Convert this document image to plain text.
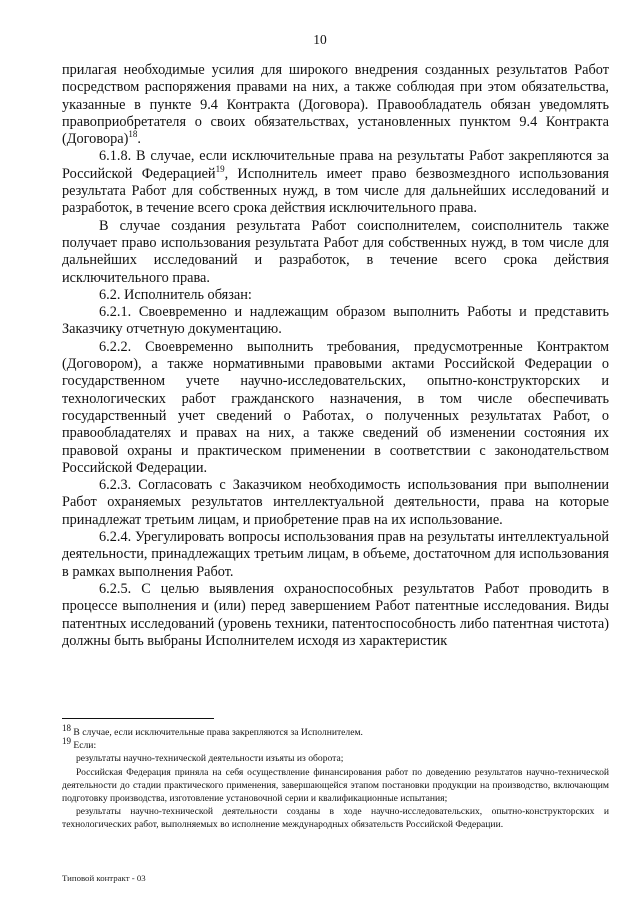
10

прилагая необходимые усилия для широкого внедрения созданных результатов Работ посредством распоряжения правами на них, а также соблюдая при этом обязательства, указанные в пункте 9.4 Контракта (Договора). Правообладатель обязан уведомлять правоприобретателя о своих обязательствах, установленных пунктом 9.4 Контракта (Договора)$^{18}$.

6.1.8. В случае, если исключительные права на результаты Работ закрепляются за Российской Федерацией$^{19}$, Исполнитель имеет право безвозмездного использования результата Работ для собственных нужд, в том числе для дальнейших исследований и разработок, в течение всего срока действия исключительного права.

В случае создания результата Работ соисполнителем, соисполнитель также получает право использования результата Работ для собственных нужд, в том числе для дальнейших исследований и разработок, в течение всего срока действия исключительного права.

6.2. Исполнитель обязан:

6.2.1. Своевременно и надлежащим образом выполнить Работы и представить Заказчику отчетную документацию.

6.2.2. Своевременно выполнить требования, предусмотренные Контрактом (Договором), а также нормативными правовыми актами Российской Федерации о государственном учете научно-исследовательских, опытно-конструкторских и технологических работ гражданского назначения, в том числе обеспечивать государственный учет сведений о Работах, о полученных результатах Работ, о правообладателях и правах на них, а также сведений об изменении состояния их правовой охраны и практическом применении в соответствии с законодательством Российской Федерации.

6.2.3. Согласовать с Заказчиком необходимость использования при выполнении Работ охраняемых результатов интеллектуальной деятельности, права на которые принадлежат третьим лицам, и приобретение прав на их использование.

6.2.4. Урегулировать вопросы использования прав на результаты интеллектуальной деятельности, принадлежащих третьим лицам, в объеме, достаточном для использования в рамках выполнения Работ.

6.2.5. С целью выявления охраноспособных результатов Работ проводить в процессе выполнения и (или) перед завершением Работ патентные исследования. Виды патентных исследований (уровень техники, патентоспособность либо патентная чистота) должны быть выбраны Исполнителем исходя из характеристик

$^{18}$ В случае, если исключительные права закрепляются за Исполнителем.

$^{19}$ Если:

результаты научно-технической деятельности изъяты из оборота;

Российская Федерация приняла на себя осуществление финансирования работ по доведению результатов научно-технической деятельности до стадии практического применения, завершающейся этапом постановки продукции на производство, включающим подготовку производства, изготовление установочной серии и квалификационные испытания;

результаты научно-технической деятельности созданы в ходе научно-исследовательских, опытно-конструкторских и технологических работ, выполняемых во исполнение международных обязательств Российской Федерации.

Типовой контракт - 03
